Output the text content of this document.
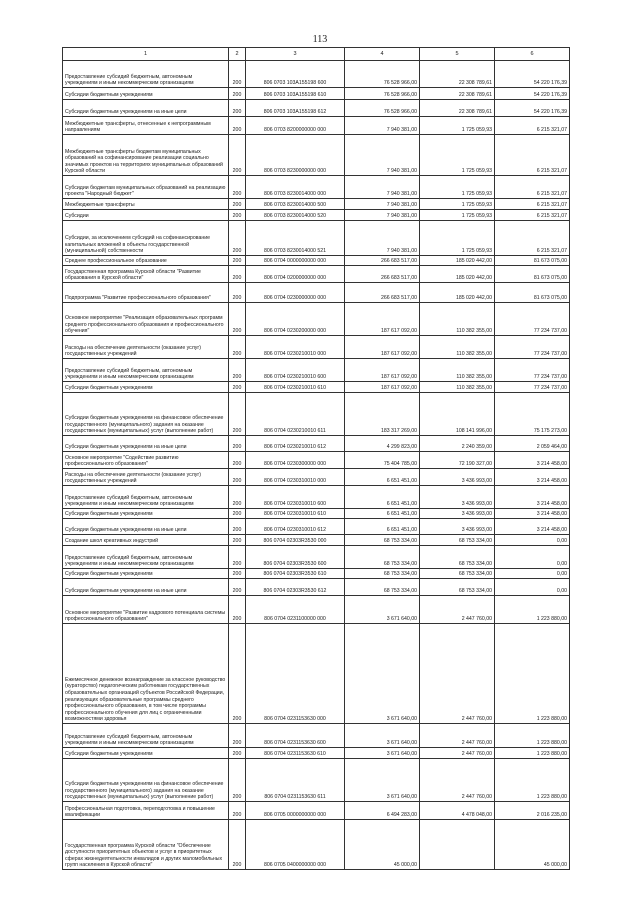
113
1	2	3	4	5	6
Предоставление субсидий бюджетным, автономным учреждениям и иным некоммерческим организациям	200	806 0703 103А155198 600	76 528 966,00	22 308 789,61	54 220 176,39
Субсидии бюджетным учреждениям	200	806 0703 103А155198 610	76 528 966,00	22 308 789,61	54 220 176,39
Субсидии бюджетным учреждениям на иные цели	200	806 0703 103А155198 612	76 528 966,00	22 308 789,61	54 220 176,39
Межбюджетные трансферты, отнесенные к непрограммным направлениям	200	806 0703 8200000000 000	7 940 381,00	1 725 059,93	6 215 321,07
Межбюджетные трансферты бюджетам муниципальных образований на софинансирование реализации социально значимых проектов на территориях муниципальных образований Курской области	200	806 0703 8230000000 000	7 940 381,00	1 725 059,93	6 215 321,07
Субсидии бюджетам муниципальных образований на реализацию проекта "Народный бюджет"	200	806 0703 8230014000 000	7 940 381,00	1 725 059,93	6 215 321,07
Межбюджетные трансферты	200	806 0703 8230014000 500	7 940 381,00	1 725 059,93	6 215 321,07
Субсидии	200	806 0703 8230014000 520	7 940 381,00	1 725 059,93	6 215 321,07
Субсидии, за исключением субсидий на софинансирование капитальных вложений в объекты государственной (муниципальной) собственности	200	806 0703 8230014000 521	7 940 381,00	1 725 059,93	6 215 321,07
Среднее профессиональное образование	200	806 0704 0000000000 000	266 683 517,00	185 020 442,00	81 673 075,00
Государственная программа Курской области "Развитие образования в Курской области"	200	806 0704 0200000000 000	266 683 517,00	185 020 442,00	81 673 075,00
Подпрограмма "Развитие профессионального образования"	200	806 0704 0230000000 000	266 683 517,00	185 020 442,00	81 673 075,00
Основное мероприятие "Реализация образовательных программ среднего профессионального образования и профессионального обучения"	200	806 0704 0230200000 000	187 617 092,00	110 382 355,00	77 234 737,00
Расходы на обеспечение деятельности (оказание услуг) государственных учреждений	200	806 0704 0230210010 000	187 617 092,00	110 382 355,00	77 234 737,00
Предоставление субсидий бюджетным, автономным учреждениям и иным некоммерческим организациям	200	806 0704 0230210010 600	187 617 092,00	110 382 355,00	77 234 737,00
Субсидии бюджетным учреждениям	200	806 0704 0230210010 610	187 617 092,00	110 382 355,00	77 234 737,00
Субсидии бюджетным учреждениям на финансовое обеспечение государственного (муниципального) задания на оказание государственных (муниципальных) услуг (выполнение работ)	200	806 0704 0230210010 611	183 317 269,00	108 141 996,00	75 175 273,00
Субсидии бюджетным учреждениям на иные цели	200	806 0704 0230210010 612	4 299 823,00	2 240 359,00	2 059 464,00
Основное мероприятие "Содействие развитию профессионального образования"	200	806 0704 0230300000 000	75 404 785,00	72 190 327,00	3 214 458,00
Расходы на обеспечение деятельности (оказание услуг) государственных учреждений	200	806 0704 0230310010 000	6 651 451,00	3 436 993,00	3 214 458,00
Предоставление субсидий бюджетным, автономным учреждениям и иным некоммерческим организациям	200	806 0704 0230310010 600	6 651 451,00	3 436 993,00	3 214 458,00
Субсидии бюджетным учреждениям	200	806 0704 0230310010 610	6 651 451,00	3 436 993,00	3 214 458,00
Субсидии бюджетным учреждениям на иные цели	200	806 0704 0230310010 612	6 651 451,00	3 436 993,00	3 214 458,00
Создание школ креативных индустрий	200	806 0704 02303R3530 000	68 753 334,00	68 753 334,00	0,00
Предоставление субсидий бюджетным, автономным учреждениям и иным некоммерческим организациям	200	806 0704 02303R3530 600	68 753 334,00	68 753 334,00	0,00
Субсидии бюджетным учреждениям	200	806 0704 02303R3530 610	68 753 334,00	68 753 334,00	0,00
Субсидии бюджетным учреждениям на иные цели	200	806 0704 02303R3530 612	68 753 334,00	68 753 334,00	0,00
Основное мероприятие "Развитие кадрового потенциала системы профессионального образования"	200	806 0704 0231100000 000	3 671 640,00	2 447 760,00	1 223 880,00
Ежемесячное денежное вознаграждение за классное руководство (кураторство) педагогическим работникам государственных образовательных организаций субъектов Российской Федерации, реализующих образовательные программы среднего профессионального образования, в том числе программы профессионального обучения для лиц с ограниченными возможностями здоровья	200	806 0704 0231153630 000	3 671 640,00	2 447 760,00	1 223 880,00
Предоставление субсидий бюджетным, автономным учреждениям и иным некоммерческим организациям	200	806 0704 0231153630 600	3 671 640,00	2 447 760,00	1 223 880,00
Субсидии бюджетным учреждениям	200	806 0704 0231153630 610	3 671 640,00	2 447 760,00	1 223 880,00
Субсидии бюджетным учреждениям на финансовое обеспечение государственного (муниципального) задания на оказание государственных (муниципальных) услуг (выполнение работ)	200	806 0704 0231153630 611	3 671 640,00	2 447 760,00	1 223 880,00
Профессиональная подготовка, переподготовка и повышение квалификации	200	806 0705 0000000000 000	6 494 283,00	4 478 048,00	2 016 235,00
Государственная программа Курской области "Обеспечение доступности приоритетных объектов и услуг в приоритетных сферах жизнедеятельности инвалидов и других маломобильных групп населения в Курской области"	200	806 0705 0400000000 000	45 000,00		45 000,00
